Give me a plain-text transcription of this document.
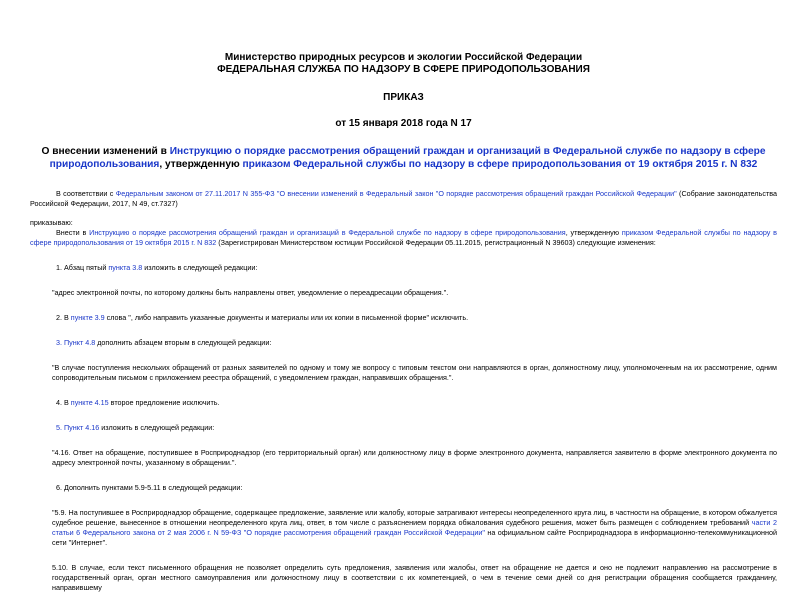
Министерство природных ресурсов и экологии Российской Федерации
ФЕДЕРАЛЬНАЯ СЛУЖБА ПО НАДЗОРУ В СФЕРЕ ПРИРОДОПОЛЬЗОВАНИЯ
ПРИКАЗ
от 15 января 2018 года N 17
О внесении изменений в Инструкцию о порядке рассмотрения обращений граждан и организаций в Федеральной службе по надзору в сфере природопользования, утвержденную приказом Федеральной службы по надзору в сфере природопользования от 19 октября 2015 г. N 832

В соответствии с Федеральным законом от 27.11.2017 N 355-ФЗ "О внесении изменений в Федеральный закон "О порядке рассмотрения обращений граждан Российской Федерации" (Собрание законодательства Российской Федерации, 2017, N 49, ст.7327)

приказываю:

Внести в Инструкцию о порядке рассмотрения обращений граждан и организаций в Федеральной службе по надзору в сфере природопользования, утвержденную приказом Федеральной службы по надзору в сфере природопользования от 19 октября 2015 г. N 832 (Зарегистрирован Министерством юстиции Российской Федерации 05.11.2015, регистрационный N 39603) следующие изменения:

1. Абзац пятый пункта 3.8 изложить в следующей редакции:

"адрес электронной почты, по которому должны быть направлены ответ, уведомление о переадресации обращения.".

2. В пункте 3.9 слова ", либо направить указанные документы и материалы или их копии в письменной форме" исключить.

3. Пункт 4.8 дополнить абзацем вторым в следующей редакции:

"В случае поступления нескольких обращений от разных заявителей по одному и тому же вопросу с типовым текстом они направляются в орган, должностному лицу, уполномоченным на их рассмотрение, одним сопроводительным письмом с приложением реестра обращений, с уведомлением граждан, направивших обращения.".

4. В пункте 4.15 второе предложение исключить.

5. Пункт 4.16 изложить в следующей редакции:

"4.16. Ответ на обращение, поступившее в Росприроднадзор (его территориальный орган) или должностному лицу в форме электронного документа, направляется заявителю в форме электронного документа по адресу электронной почты, указанному в обращении.".

6. Дополнить пунктами 5.9-5.11 в следующей редакции:

"5.9. На поступившее в Росприроднадзор обращение, содержащее предложение, заявление или жалобу, которые затрагивают интересы неопределенного круга лиц, в частности на обращение, в котором обжалуется судебное решение, вынесенное в отношении неопределенного круга лиц, ответ, в том числе с разъяснением порядка обжалования судебного решения, может быть размещен с соблюдением требований части 2 статьи 6 Федерального закона от 2 мая 2006 г. N 59-ФЗ "О порядке рассмотрения обращений граждан Российской Федерации" на официальном сайте Росприроднадзора в информационно-телекоммуникационной сети "Интернет".

5.10. В случае, если текст письменного обращения не позволяет определить суть предложения, заявления или жалобы, ответ на обращение не дается и оно не подлежит направлению на рассмотрение в государственный орган, орган местного самоуправления или должностному лицу в соответствии с их компетенцией, о чем в течение семи дней со дня регистрации обращения сообщается гражданину, направившему
